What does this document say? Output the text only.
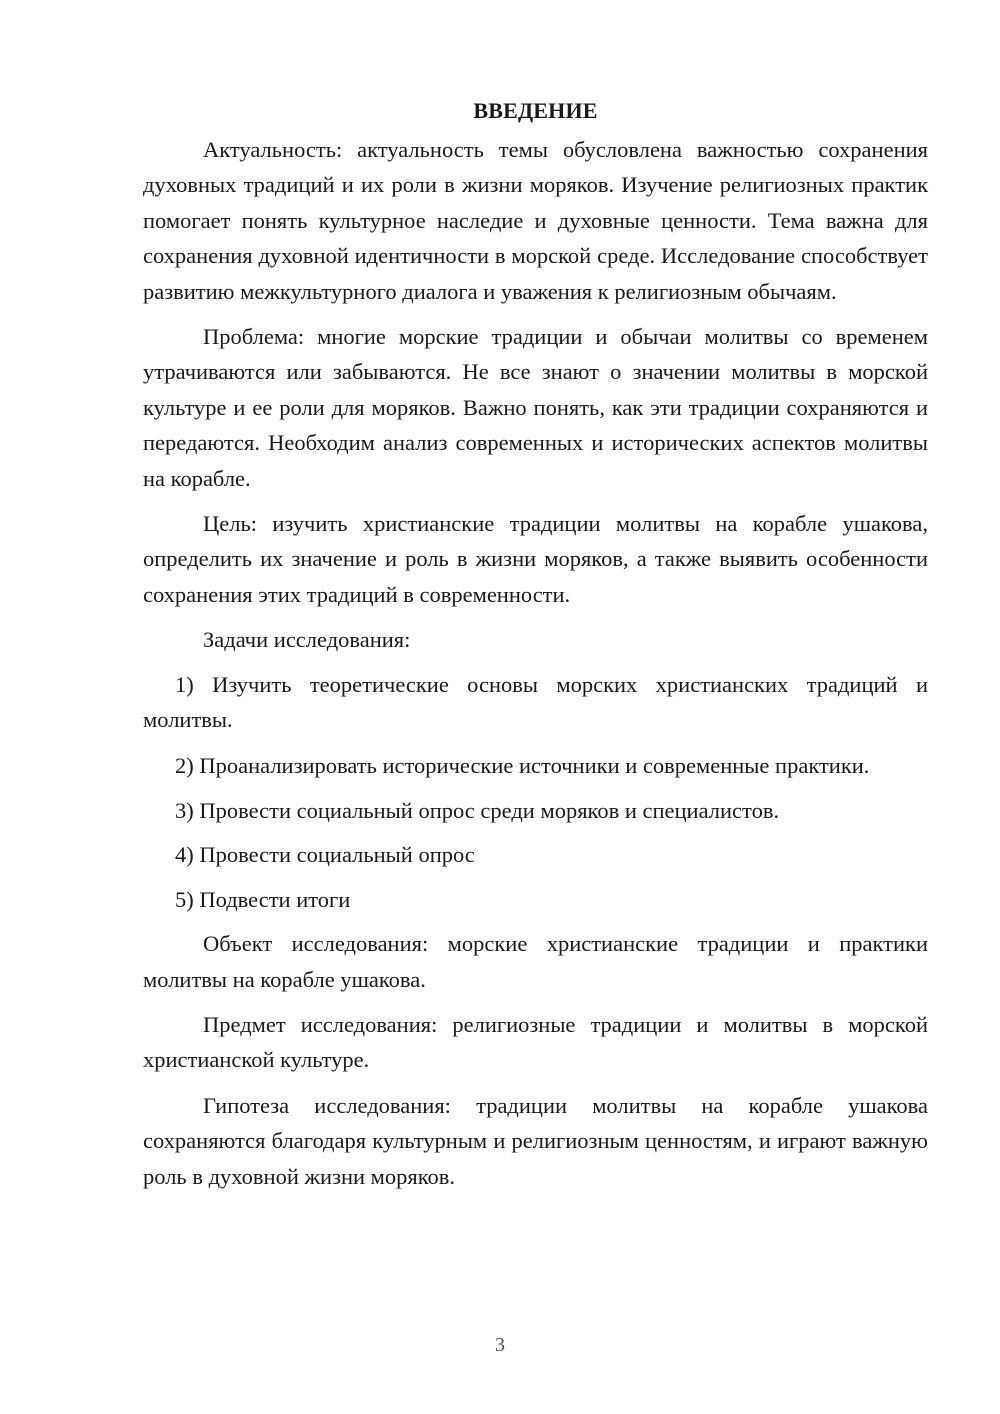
ВВЕДЕНИЕ

Актуальность: актуальность темы обусловлена важностью сохранения духовных традиций и их роли в жизни моряков. Изучение религиозных практик помогает понять культурное наследие и духовные ценности. Тема важна для сохранения духовной идентичности в морской среде. Исследование способствует развитию межкультурного диалога и уважения к религиозным обычаям.

Проблема: многие морские традиции и обычаи молитвы со временем утрачиваются или забываются. Не все знают о значении молитвы в морской культуре и ее роли для моряков. Важно понять, как эти традиции сохраняются и передаются. Необходим анализ современных и исторических аспектов молитвы на корабле.

Цель: изучить христианские традиции молитвы на корабле ушакова, определить их значение и роль в жизни моряков, а также выявить особенности сохранения этих традиций в современности.

Задачи исследования:

1) Изучить теоретические основы морских христианских традиций и молитвы.

2) Проанализировать исторические источники и современные практики.

3) Провести социальный опрос среди моряков и специалистов.

4) Провести социальный опрос

5) Подвести итоги

Объект исследования: морские христианские традиции и практики молитвы на корабле ушакова.

Предмет исследования: религиозные традиции и молитвы в морской христианской культуре.

Гипотеза исследования: традиции молитвы на корабле ушакова сохраняются благодаря культурным и религиозным ценностям, и играют важную роль в духовной жизни моряков.

3
